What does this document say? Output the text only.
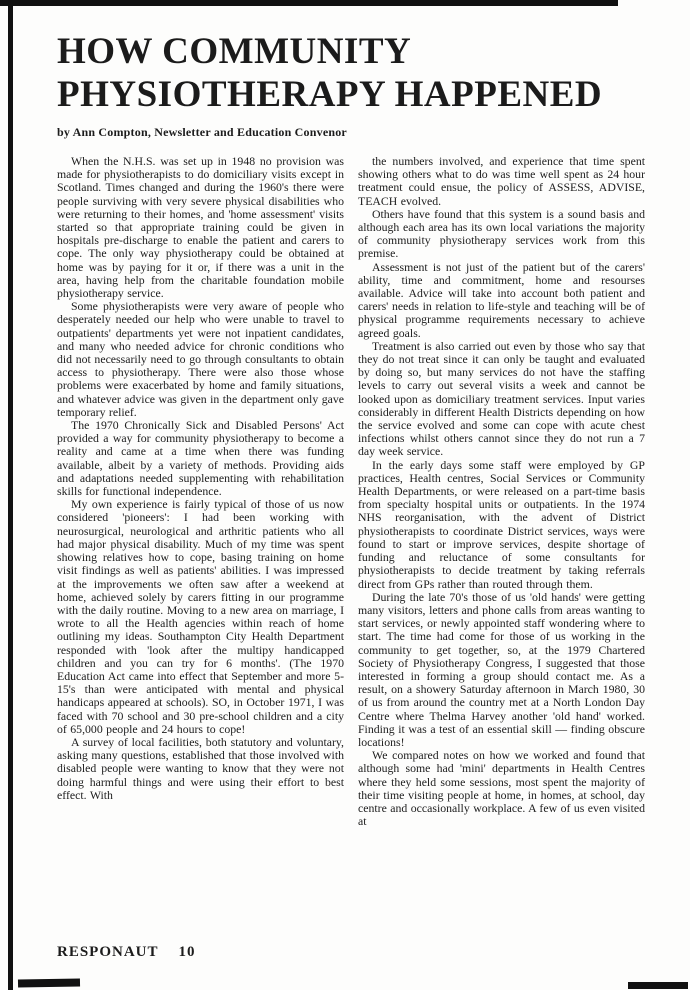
HOW COMMUNITY
PHYSIOTHERAPY HAPPENED

by Ann Compton, Newsletter and Education Convenor

When the N.H.S. was set up in 1948 no provision was made for physiotherapists to do domiciliary visits except in Scotland. Times changed and during the 1960's there were people surviving with very severe physical disabilities who were returning to their homes, and 'home assessment' visits started so that appropriate training could be given in hospitals pre-discharge to enable the patient and carers to cope. The only way physiotherapy could be obtained at home was by paying for it or, if there was a unit in the area, having help from the charitable foundation mobile physiotherapy service.

Some physiotherapists were very aware of people who desperately needed our help who were unable to travel to outpatients' departments yet were not inpatient candidates, and many who needed advice for chronic conditions who did not necessarily need to go through consultants to obtain access to physiotherapy. There were also those whose problems were exacerbated by home and family situations, and whatever advice was given in the department only gave temporary relief.

The 1970 Chronically Sick and Disabled Persons' Act provided a way for community physiotherapy to become a reality and came at a time when there was funding available, albeit by a variety of methods. Providing aids and adaptations needed supplementing with rehabilitation skills for functional independence.

My own experience is fairly typical of those of us now considered 'pioneers': I had been working with neurosurgical, neurological and arthritic patients who all had major physical disability. Much of my time was spent showing relatives how to cope, basing training on home visit findings as well as patients' abilities. I was impressed at the improvements we often saw after a weekend at home, achieved solely by carers fitting in our programme with the daily routine. Moving to a new area on marriage, I wrote to all the Health agencies within reach of home outlining my ideas. Southampton City Health Department responded with 'look after the multipy handicapped children and you can try for 6 months'. (The 1970 Education Act came into effect that September and more 5-15's than were anticipated with mental and physical handicaps appeared at schools). SO, in October 1971, I was faced with 70 school and 30 pre-school children and a city of 65,000 people and 24 hours to cope!

A survey of local facilities, both statutory and voluntary, asking many questions, established that those involved with disabled people were wanting to know that they were not doing harmful things and were using their effort to best effect. With

the numbers involved, and experience that time spent showing others what to do was time well spent as 24 hour treatment could ensue, the policy of ASSESS, ADVISE, TEACH evolved.

Others have found that this system is a sound basis and although each area has its own local variations the majority of community physiotherapy services work from this premise.

Assessment is not just of the patient but of the carers' ability, time and commitment, home and resourses available. Advice will take into account both patient and carers' needs in relation to life-style and teaching will be of physical programme requirements necessary to achieve agreed goals.

Treatment is also carried out even by those who say that they do not treat since it can only be taught and evaluated by doing so, but many services do not have the staffing levels to carry out several visits a week and cannot be looked upon as domiciliary treatment services. Input varies considerably in different Health Districts depending on how the service evolved and some can cope with acute chest infections whilst others cannot since they do not run a 7 day week service.

In the early days some staff were employed by GP practices, Health centres, Social Services or Community Health Departments, or were released on a part-time basis from specialty hospital units or outpatients. In the 1974 NHS reorganisation, with the advent of District physiotherapists to coordinate District services, ways were found to start or improve services, despite shortage of funding and reluctance of some consultants for physiotherapists to decide treatment by taking referrals direct from GPs rather than routed through them.

During the late 70's those of us 'old hands' were getting many visitors, letters and phone calls from areas wanting to start services, or newly appointed staff wondering where to start. The time had come for those of us working in the community to get together, so, at the 1979 Chartered Society of Physiotherapy Congress, I suggested that those interested in forming a group should contact me. As a result, on a showery Saturday afternoon in March 1980, 30 of us from around the country met at a North London Day Centre where Thelma Harvey another 'old hand' worked. Finding it was a test of an essential skill — finding obscure locations!

We compared notes on how we worked and found that although some had 'mini' departments in Health Centres where they held some sessions, most spent the majority of their time visiting people at home, in homes, at school, day centre and occasionally workplace. A few of us even visited at

RESPONAUT 10
